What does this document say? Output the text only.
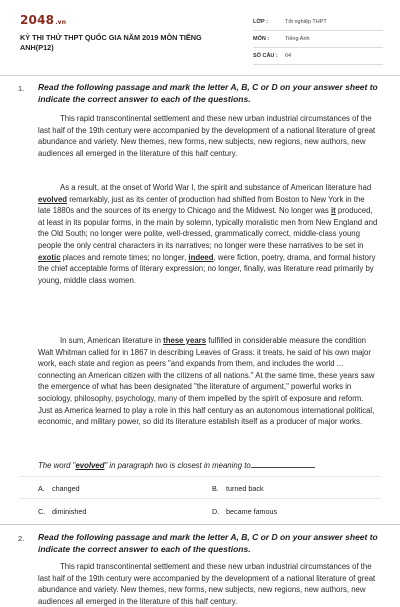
2048.vn
KỲ THI THỬ THPT QUỐC GIA NĂM 2019 MÔN TIẾNG ANH(P12)
LỚP :	Tốt nghiệp THPT
MÔN :	Tiếng Anh
SỐ CÂU :	64
1. Read the following passage and mark the letter A, B, C or D on your answer sheet to indicate the correct answer to each of the questions.
This rapid transcontinental settlement and these new urban industrial circumstances of the last half of the 19th century were accompanied by the development of a national literature of great abundance and variety. New themes, new forms, new subjects, new regions, new authors, new audiences all emerged in the literature of this half century.
As a result, at the onset of World War I, the spirit and substance of American literature had evolved remarkably, just as its center of production had shifted from Boston to New York in the late 1880s and the sources of its energy to Chicago and the Midwest. No longer was it produced, at least in its popular forms, in the main by solemn, typically moralistic men from New England and the Old South; no longer were polite, well-dressed, grammatically correct, middle-class young people the only central characters in its narratives; no longer were these narratives to be set in exotic places and remote times; no longer, indeed, were fiction, poetry, drama, and formal history the chief acceptable forms of literary expression; no longer, finally, was literature read primarily by young, middle class women.
In sum, American literature in these years fulfilled in considerable measure the condition Walt Whitman called for in 1867 in describing Leaves of Grass: it treats, he said of his own major work, each state and region as peers "and expands from them, and includes the world ... connecting an American citizen with the citizens of all nations." At the same time, these years saw the emergence of what has been designated "the literature of argument," powerful works in sociology, philosophy, psychology, many of them impelled by the spirit of exposure and reform. Just as America learned to play a role in this half century as an autonomous international political, economic, and military power, so did its literature establish itself as a producer of major works.
The word "evolved" in paragraph two is closest in meaning to
A. changed	B. turned back
C. diminished	D. became famous
2. Read the following passage and mark the letter A, B, C or D on your answer sheet to indicate the correct answer to each of the questions.
This rapid transcontinental settlement and these new urban industrial circumstances of the last half of the 19th century were accompanied by the development of a national literature of great abundance and variety. New themes, new forms, new subjects, new regions, new authors, new audiences all emerged in the literature of this half century.
